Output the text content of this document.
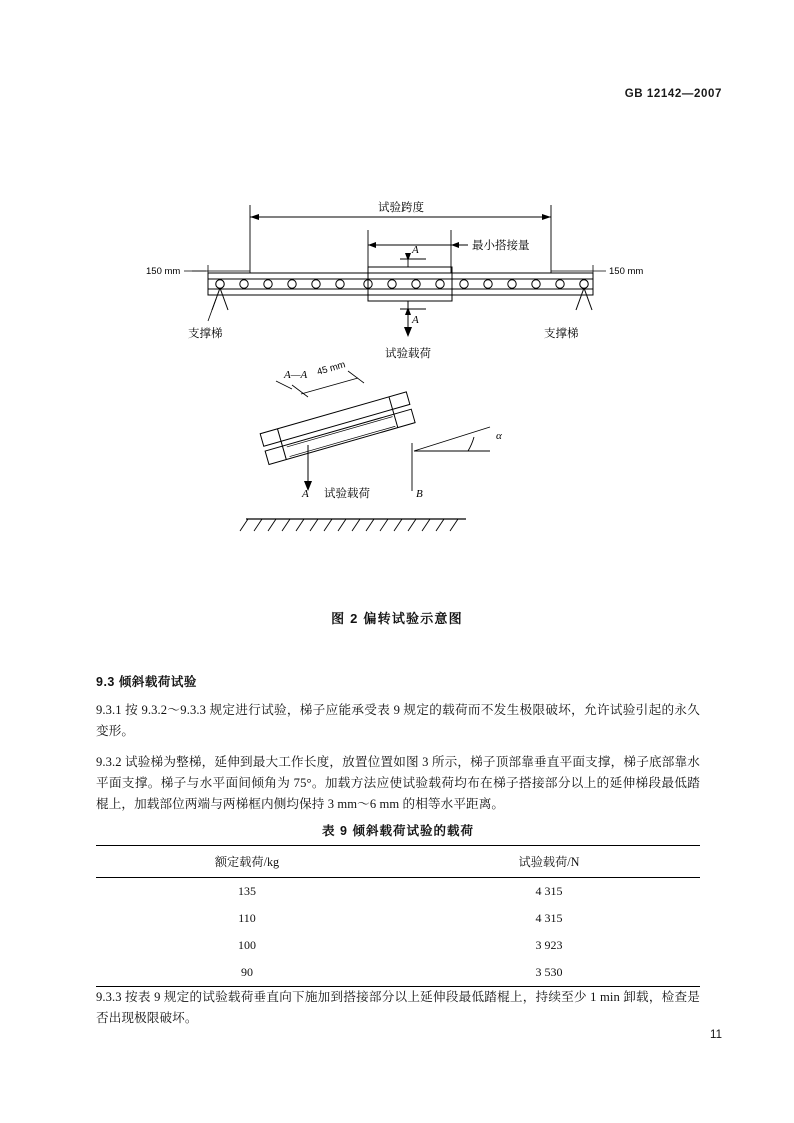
GB 12142—2007
试验跨度
最小搭接量
A
A
试验载荷
150 mm	150 mm
支撑梯	支撑梯
A—A 45 mm
α
试验载荷
A	B
图 2 偏转试验示意图
9.3 倾斜载荷试验

9.3.1 按 9.3.2～9.3.3 规定进行试验，梯子应能承受表 9 规定的载荷而不发生极限破坏，允许试验引起的永久变形。

9.3.2 试验梯为整梯，延伸到最大工作长度，放置位置如图 3 所示，梯子顶部靠垂直平面支撑，梯子底部靠水平面支撑。梯子与水平面间倾角为 75°。加载方法应使试验载荷均布在梯子搭接部分以上的延伸梯段最低踏棍上，加载部位两端与两梯框内侧均保持 3 mm～6 mm 的相等水平距离。

表 9 倾斜载荷试验的载荷
额定载荷/kg	试验载荷/N
135	4 315
110	4 315
100	3 923
90	3 530

9.3.3 按表 9 规定的试验载荷垂直向下施加到搭接部分以上延伸段最低踏棍上，持续至少 1 min 卸载，检查是否出现极限破坏。

11
